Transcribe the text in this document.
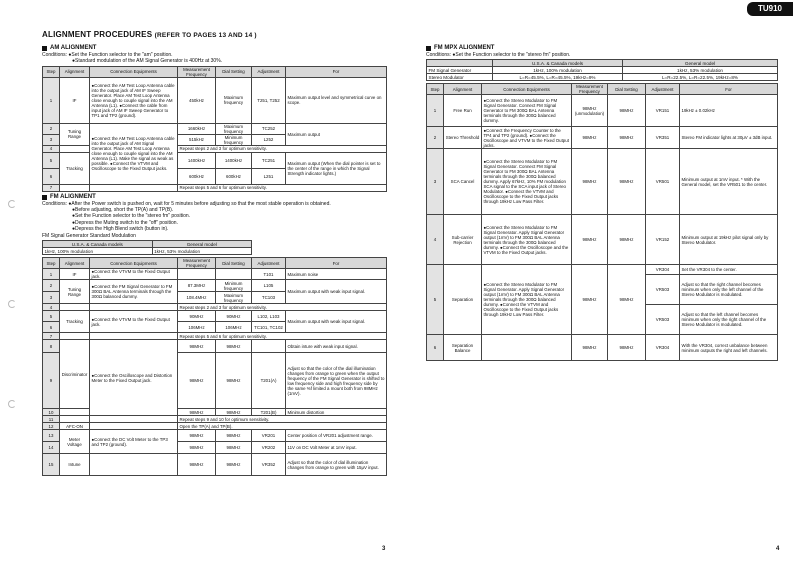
TU910
ALIGNMENT PROCEDURES (REFER TO PAGES 13 AND 14 )
AM ALIGNMENT
Conditions: ●Set the Function selector to the "am" position.
●Standard modulation of the AM Signal Generator is 400Hz at 30%.
Step	Alignment	Connection Equipments	Measurement Frequency	Dial Setting	Adjustment	For
1	IF	●Connect the AM Test Loop Antenna cable into the output jack of AM IF Sweep Generator. Place AM Test Loop Antenna close enough to couple signal into the AM Antenna (L1). ●Connect the cable from input jack of AM IF Sweep Generator to TP1 and TP2 (ground).	450kHz	Maximum frequency	T251, T252	Maximum output level and symmetrical curve on scope.
2	Tuning Range	●Connect the AM Test Loop Antenna cable into the output jack of AM Signal Generator. Place AM Test Loop Antenna close enough to couple signal into the AM Antenna (L1). Make the signal as weak as possible. ●Connect the VTVM and Oscilloscope to the Fixed Output jacks.	1660kHz	Maximum frequency	TC252	Maximum output
3			515kHz	Minimum frequency	L252	
4			Repeat steps 2 and 3 for optimum sensitivity.			
5	Tracking		1400kHz	1400kHz	TC251	Maximum output (When the dial pointer is set to the center of the range in which the Signal Strength indicator lights.)
6			600kHz	600kHz	L251	
7			Repeat steps 5 and 6 for optimum sensitivity.			
FM ALIGNMENT
Conditions: ●After the Power switch is pushed on, wait for 5 minutes before adjusting so that the most stable operation is obtained.
●Before adjusting, short the TP(A) and TP(B).
●Set the Function selector to the "stereo fm" position.
●Depress the Muting switch to the "off" position.
●Depress the High Blend switch (button in).
FM Signal Generator Standard Modulation
U.S.A. & Canada models	General model
1kHz, 100% modulation	1kHz, 53% modulation
Step	Alignment	Connection Equipments	Measurement Frequency	Dial Setting	Adjustment	For
1	IF	●Connect the VTVM to the Fixed Output jack.			T101	Maximum noise
2	Tuning Range	●Connect the FM Signal Generator to FM 300Ω BAL Antenna terminals through the 300Ω balanced dummy.	87.3MHz	Minimum frequency	L105	Maximum output with weak input signal.
3			108.4MHz	Maximum frequency	TC103	
4			Repeat steps 2 and 3 for optimum sensitivity.			
5	Tracking	●Connect the VTVM to the Fixed Output jack.	90MHz	90MHz	L102, L103	Maximum output with weak input signal.
6			106MHz	106MHz	TC101, TC102	
7			Repeat steps 5 and 6 for optimum sensitivity.			
8	Discriminator	●Connect the Oscilloscope and Distortion Meter to the Fixed Output jack.	98MHz	98MHz		Obtain inture with weak input signal.
9			98MHz	98MHz	T201(A)	Adjust so that the color of the dial illumination changes from orange to green when the output frequency of the FM Signal Generator is shifted to low frequency side and high frequency side by the same %f limited a mount both from 98MHz (1mV).
10			98MHz	98MHz	T201(B)	Minimum distortion
11			Repeat steps 9 and 10 for optimum sensitivity.			
12	AFC-ON		Open the TP(A) and TP(B).			
13	Meter Voltage	●Connect the DC Volt Meter to the TP3 and TP2 (ground).	98MHz	98MHz	VR201	Center position of VR201 adjustment range.
14			98MHz	98MHz	VR202	11V on DC Volt Meter at 1mV input.
15	Intune		98MHz	98MHz	VR352	Adjust so that the color of dial illumination changes from orange to green with 15μV input.
FM MPX ALIGNMENT
Conditions: ●Set the Function selector to the "stereo fm" position.
	U.S.A. & Canada models	General model
FM Signal Generator	1kHz, 100% modulation	1kHz, 53% modulation
Stereo Modulator	L=R=45.5%, L=R=45.5%, 19kHz=9%	L=R=22.5%, L=R=22.5%, 19kHz=8%
Step	Alignment	Connection Equipments	Measurement Frequency	Dial Setting	Adjustment	For
1	Free Run	●Connect the Stereo Modulator to FM Signal Generator. Connect FM Signal Generator to FM 300Ω BAL Antenna terminals through the 300Ω balanced dummy.	98MHz (unmodulation)	98MHz	VR151	19kHz ± 0.02kHz
2	Stereo Threshold	●Connect the Frequency Counter to the TP4 and TP2 (ground). ●Connect the Oscilloscope and VTVM to the Fixed Output jacks.	98MHz	98MHz	VR351	Stereo FM indicator lights at 30μV ± 3dB input.
3	SCA Cancel	●Connect the Stereo Modulator to FM Signal Generator. Connect FM Signal Generator to FM 300Ω BAL Antenna terminals through the 300Ω balanced dummy. Apply 67kHz, 10% FM modulation SCA signal to the SCA input jack of Stereo Modulator. ●Connect the VTVM and Oscilloscope to the Fixed Output jacks through 19kHz Low Pass Filter.	98MHz	98MHz	VR501	Minimum output at 1mV input. * With the General model, set the VR501 to the center.
4	Sub-carrier Rejection	●Connect the Stereo Modulator to FM Signal Generator. Apply Signal Generator output (1mV) to FM 300Ω BAL Antenna terminals through the 300Ω balanced dummy. ●Connect the Oscilloscope and the VTVM to the Fixed Output jacks.	98MHz	98MHz	VR152	Minimum output at 19kHz pilot signal only by Stereo Modulator.
5	Separation	●Connect the Stereo Modulator to FM Signal Generator. Apply Signal Generator output (1mV) to FM 300Ω BAL Antenna terminals through the 300Ω balanced dummy. ●Connect the VTVM and Oscilloscope to the Fixed Output jacks through 19kHz Low Pass Filter.	98MHz	98MHz	VR304	Set the VR304 to the center.
					VR503	Adjust so that the right channel becomes minimum when only the left channel of the Stereo Modulator is modulated.
					VR503	Adjust so that the left channel becomes minimum when only the right channel of the Stereo Modulator is modulated.
6	Separation Balance		98MHz	98MHz	VR304	With the VR304, correct unbalance between minimum outputs the right and left channels.
3	4
